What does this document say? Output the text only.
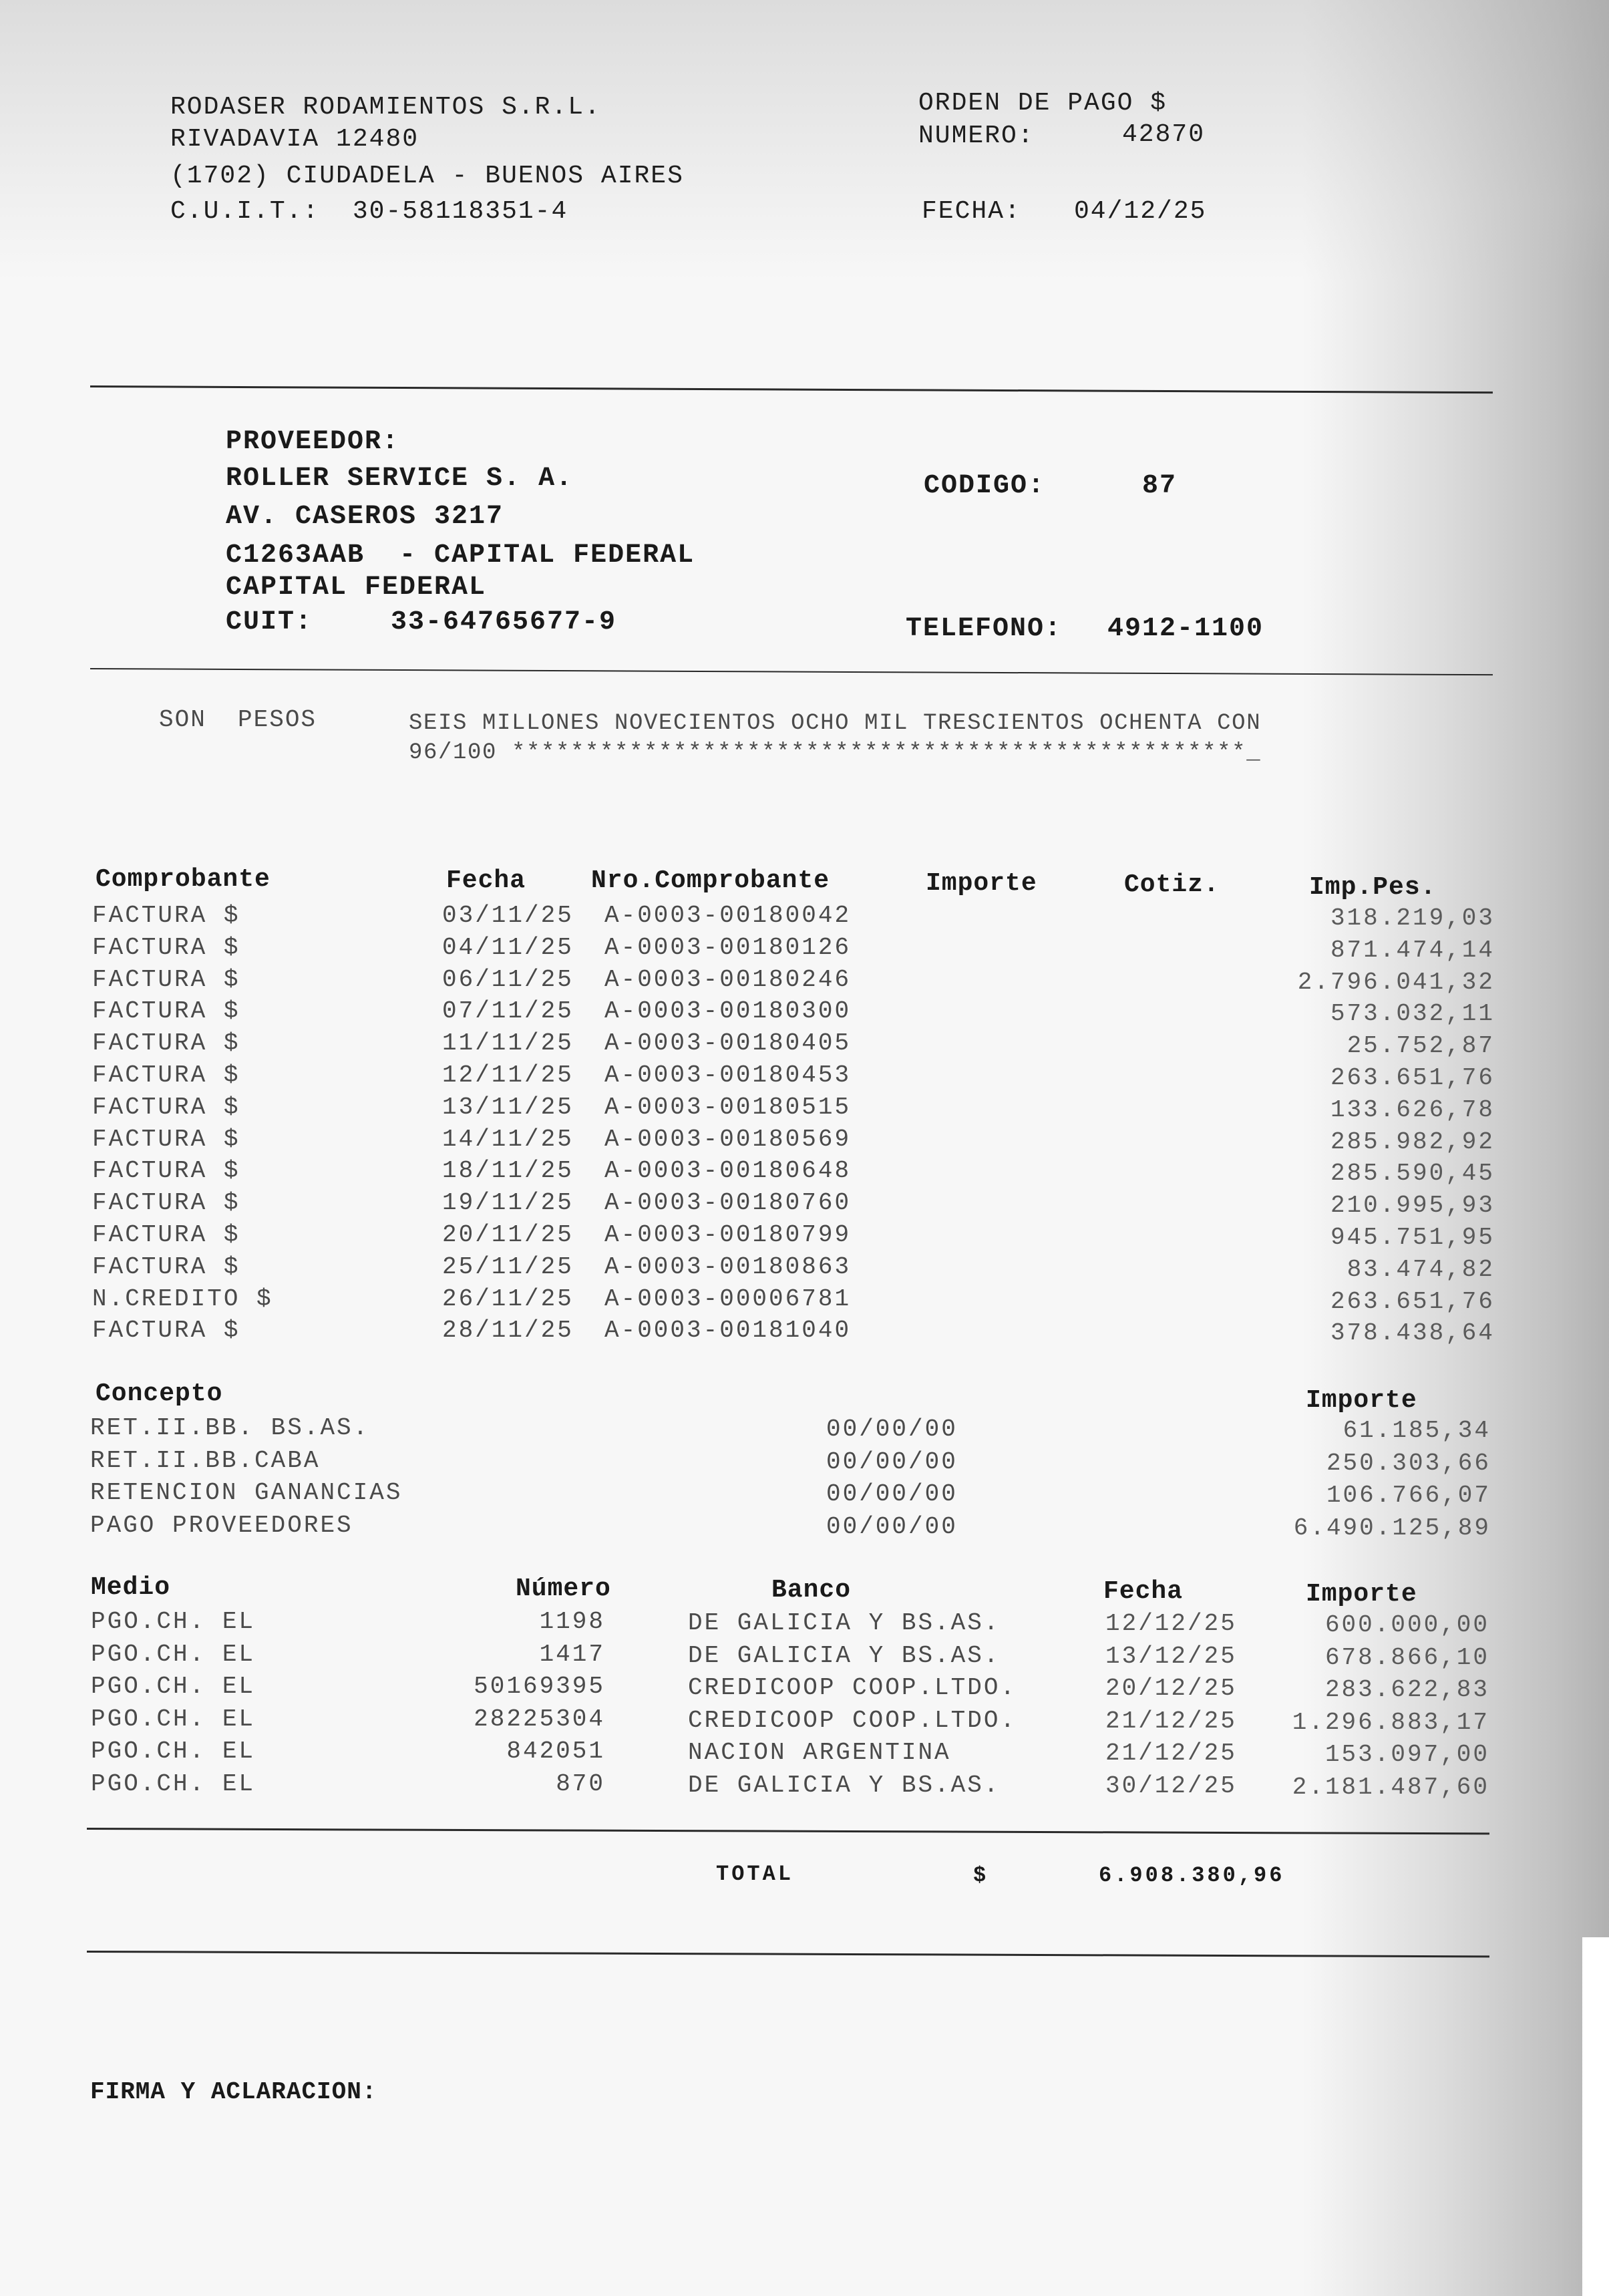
RODASER RODAMIENTOS S.R.L.
RIVADAVIA 12480
(1702) CIUDADELA - BUENOS AIRES
C.U.I.T.:  30-58118351-4
ORDEN DE PAGO $
NUMERO:	42870
FECHA: 04/12/25
PROVEEDOR:
ROLLER SERVICE S. A.
AV. CASEROS 3217
C1263AAB  - CAPITAL FEDERAL
CAPITAL FEDERAL
CUIT:	33-64765677-9
CODIGO:	87
TELEFONO: 4912-1100
SON  PESOS	SEIS MILLONES NOVECIENTOS OCHO MIL TRESCIENTOS OCHENTA CON
96/100 **************************************************_
Comprobante	Fecha	Nro.Comprobante	Importe	Cotiz.	Imp.Pes.
FACTURA $	03/11/25 A-0003-00180042	318.219,03
FACTURA $	04/11/25 A-0003-00180126	871.474,14
FACTURA $	06/11/25 A-0003-00180246	2.796.041,32
FACTURA $	07/11/25 A-0003-00180300	573.032,11
FACTURA $	11/11/25 A-0003-00180405	25.752,87
FACTURA $	12/11/25 A-0003-00180453	263.651,76
FACTURA $	13/11/25 A-0003-00180515	133.626,78
FACTURA $	14/11/25 A-0003-00180569	285.982,92
FACTURA $	18/11/25 A-0003-00180648	285.590,45
FACTURA $	19/11/25 A-0003-00180760	210.995,93
FACTURA $	20/11/25 A-0003-00180799	945.751,95
FACTURA $	25/11/25 A-0003-00180863	83.474,82
N.CREDITO $	26/11/25 A-0003-00006781	263.651,76
FACTURA $	28/11/25 A-0003-00181040	378.438,64
Concepto	Importe
RET.II.BB. BS.AS.	00/00/00	61.185,34
RET.II.BB.CABA	00/00/00	250.303,66
RETENCION GANANCIAS	00/00/00	106.766,07
PAGO PROVEEDORES	00/00/00	6.490.125,89
Medio	Número	Banco	Fecha	Importe
PGO.CH. EL	1198	DE GALICIA Y BS.AS.	12/12/25	600.000,00
PGO.CH. EL	1417	DE GALICIA Y BS.AS.	13/12/25	678.866,10
PGO.CH. EL	50169395	CREDICOOP COOP.LTDO.	20/12/25	283.622,83
PGO.CH. EL	28225304	CREDICOOP COOP.LTDO.	21/12/25 1.296.883,17
PGO.CH. EL	842051	NACION ARGENTINA	21/12/25	153.097,00
PGO.CH. EL	870	DE GALICIA Y BS.AS.	30/12/25 2.181.487,60
TOTAL	$	6.908.380,96
FIRMA Y ACLARACION:
